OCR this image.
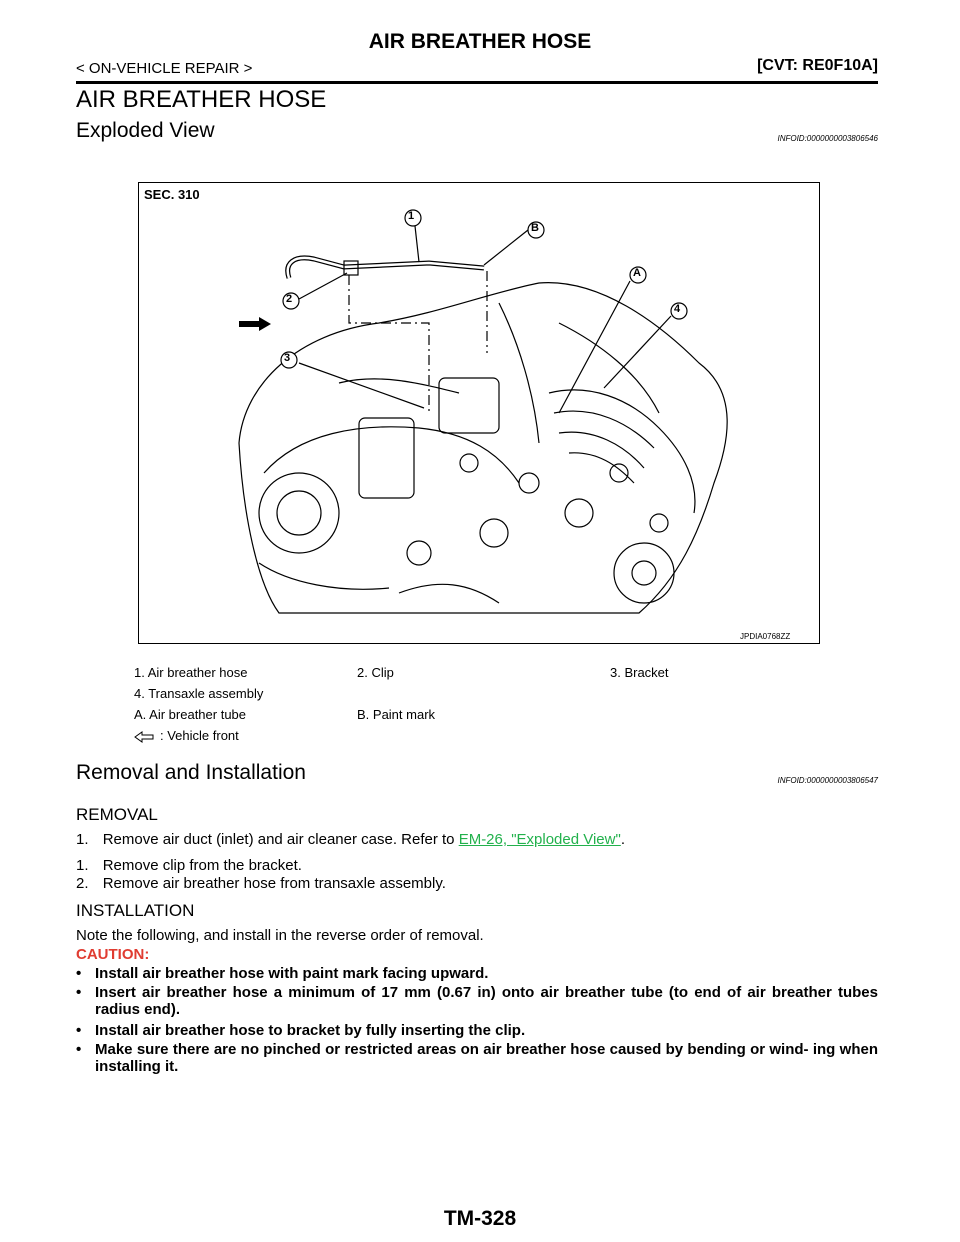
AIR BREATHER HOSE
< ON-VEHICLE REPAIR >	[CVT: RE0F10A]
AIR BREATHER HOSE
Exploded View	INFOID:0000000003806546
SEC. 310
JPDIA0768ZZ
1
B
A
2
4
3
1. Air breather hose	2. Clip	3. Bracket
4. Transaxle assembly
A. Air breather tube	B. Paint mark
: Vehicle front
Removal and Installation	INFOID:0000000003806547
REMOVAL
1. Remove air duct (inlet) and air cleaner case. Refer to EM-26, "Exploded View".
1. Remove clip from the bracket.
2. Remove air breather hose from transaxle assembly.
INSTALLATION
Note the following, and install in the reverse order of removal.
CAUTION:
• Install air breather hose with paint mark facing upward.
• Insert air breather hose a minimum of 17 mm (0.67 in) onto air breather tube (to end of air breather tubes radius end).
• Install air breather hose to bracket by fully inserting the clip.
• Make sure there are no pinched or restricted areas on air breather hose caused by bending or wind- ing when installing it.
TM-328
